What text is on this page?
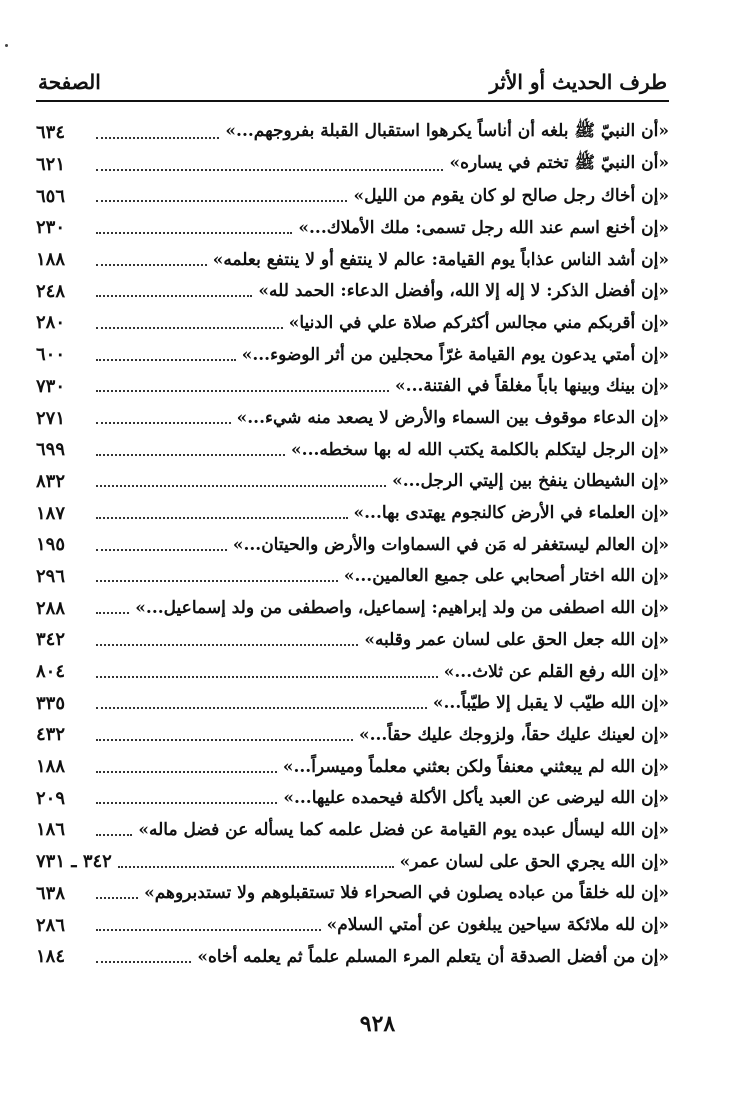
طرف الحديث أو الأثر
الصفحة
«أن النبيّ ﷺ بلغه أن أناساً يكرهوا استقبال القبلة بفروجهم...»
٦٣٤
«أن النبيّ ﷺ تختم في يساره»
٦٢١
«إن أخاك رجل صالح لو كان يقوم من الليل»
٦٥٦
«إن أخنع اسم عند الله رجل تسمى: ملك الأملاك...»
٢٣٠
«إن أشد الناس عذاباً يوم القيامة: عالم لا ينتفع أو لا ينتفع بعلمه»
١٨٨
«إن أفضل الذكر: لا إله إلا الله، وأفضل الدعاء: الحمد لله»
٢٤٨
«إن أقربكم مني مجالس أكثركم صلاة علي في الدنيا»
٢٨٠
«إن أمتي يدعون يوم القيامة غرّاً محجلين من أثر الوضوء...»
٦٠٠
«إن بينك وبينها باباً مغلقاً في الفتنة...»
٧٣٠
«إن الدعاء موقوف بين السماء والأرض لا يصعد منه شيء...»
٢٧١
«إن الرجل ليتكلم بالكلمة يكتب الله له بها سخطه...»
٦٩٩
«إن الشيطان ينفخ بين إليتي الرجل...»
٨٣٢
«إن العلماء في الأرض كالنجوم يهتدى بها...»
١٨٧
«إن العالم ليستغفر له مَن في السماوات والأرض والحيتان...»
١٩٥
«إن الله اختار أصحابي على جميع العالمين...»
٢٩٦
«إن الله اصطفى من ولد إبراهيم: إسماعيل، واصطفى من ولد إسماعيل...»
٢٨٨
«إن الله جعل الحق على لسان عمر وقلبه»
٣٤٢
«إن الله رفع القلم عن ثلاث...»
٨٠٤
«إن الله طيّب لا يقبل إلا طيّباً...»
٣٣٥
«إن لعينك عليك حقاً، ولزوجك عليك حقاً...»
٤٣٢
«إن الله لم يبعثني معنفاً ولكن بعثني معلماً وميسراً...»
١٨٨
«إن الله ليرضى عن العبد يأكل الأكلة فيحمده عليها...»
٢٠٩
«إن الله ليسأل عبده يوم القيامة عن فضل علمه كما يسأله عن فضل ماله»
١٨٦
«إن الله يجري الحق على لسان عمر»
٣٤٢ ـ ٧٣١
«إن لله خلقاً من عباده يصلون في الصحراء فلا تستقبلوهم ولا تستدبروهم»
٦٣٨
«إن لله ملائكة سياحين يبلغون عن أمتي السلام»
٢٨٦
«إن من أفضل الصدقة أن يتعلم المرء المسلم علماً ثم يعلمه أخاه»
١٨٤
٩٢٨
